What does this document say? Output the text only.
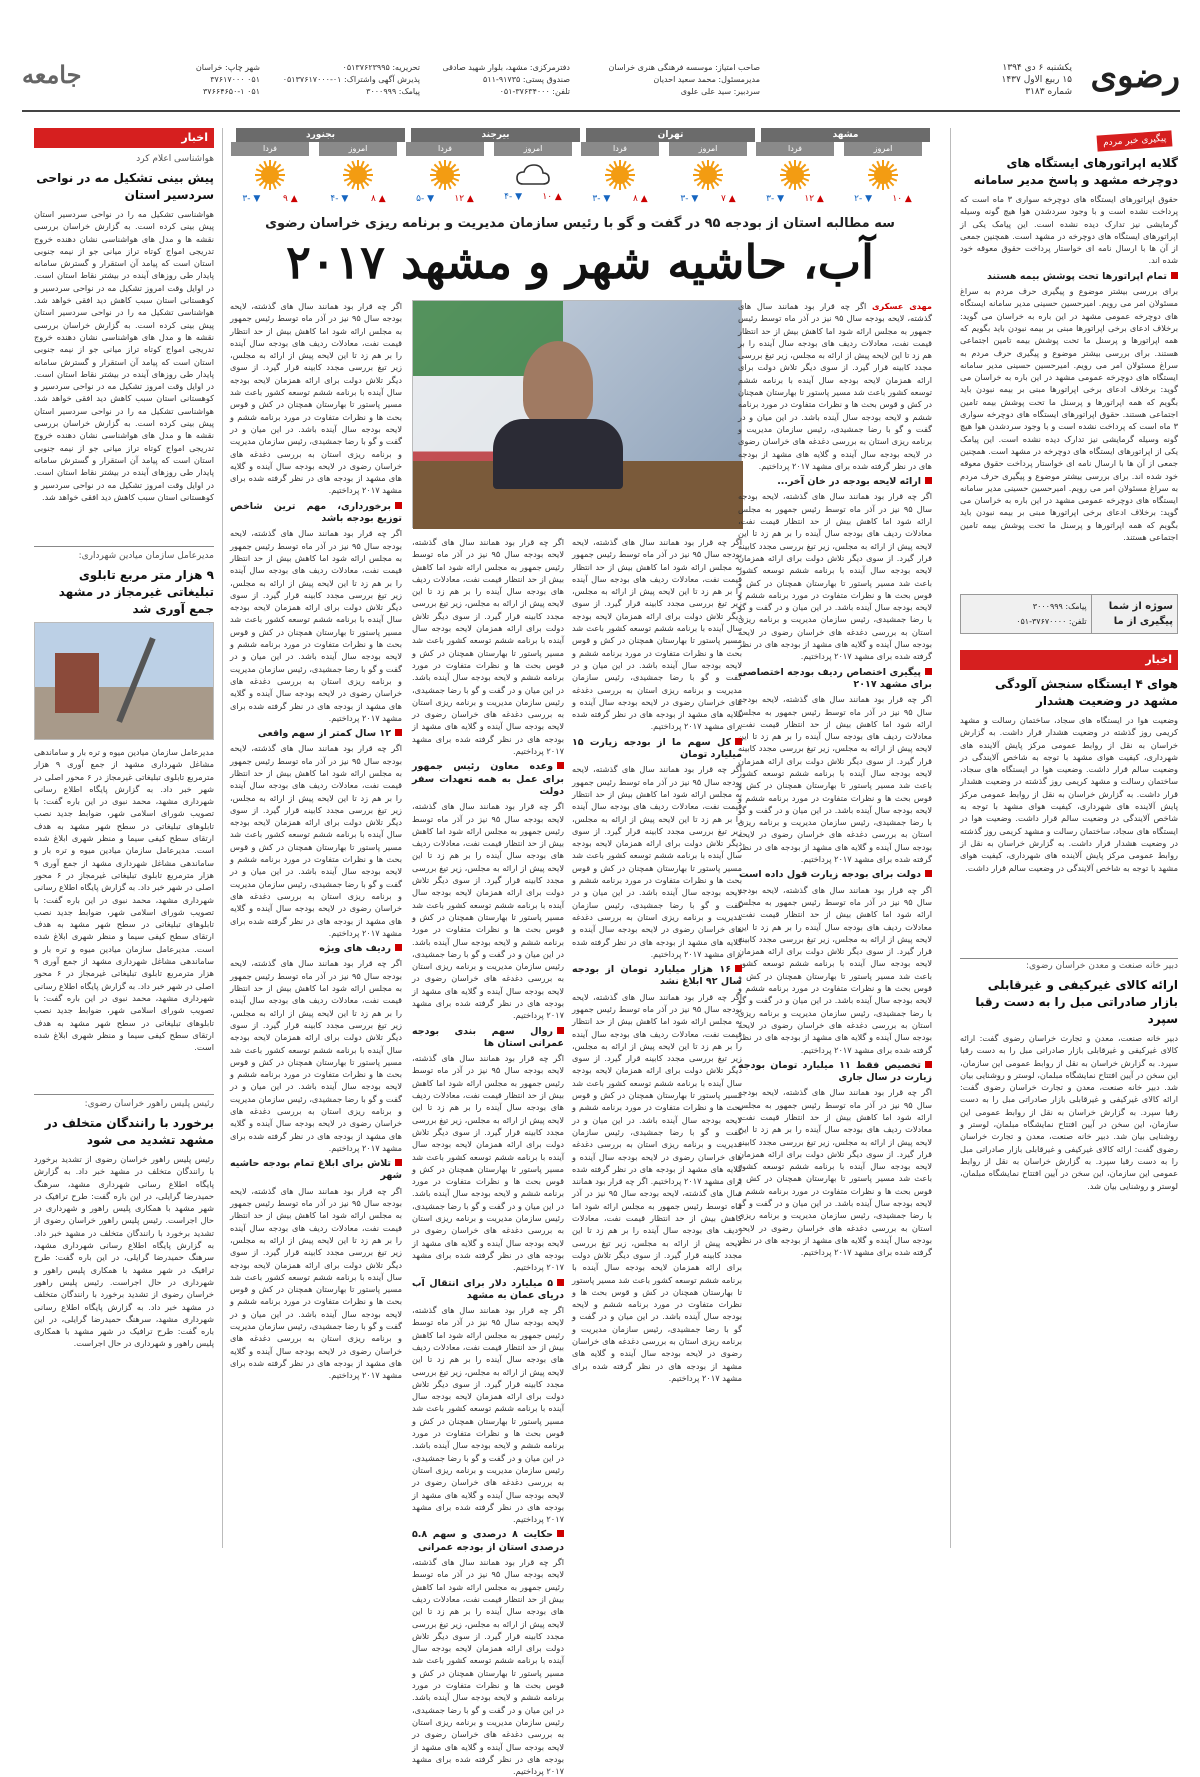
رضوی
یکشنبه ۶ دی ۱۳۹۴
۱۵ ربیع الاول ۱۴۳۷
شماره ۳۱۸۳
صاحب امتیاز: موسسه فرهنگی هنری خراسان
مدیرمسئول: محمد سعید احدیان
سردبیر: سید علی علوی
دفترمرکزی: مشهد، بلوار شهید صادقی
صندوق پستی: ۹۱۷۳۵-۵۱۱
تلفن: ۳۷۶۳۴۰۰۰-۰۵۱
تحریریه: ۰۵۱۳۷۶۲۳۹۹۵
پذیرش آگهی واشتراک: ۰۱-۰۵۱۳۷۶۱۷۰۰۰
پیامک: ۳۰۰۰۹۹۹
شهر چاپ: خراسان
۰۵۱ ۳۷۶۱۷۰۰۰
۰۵۱ ۳۷۶۶۴۶۵۰-۱
جامعه
پیگیری خبر مردم
گلایه اپراتورهای ایستگاه های دوچرخه مشهد و پاسخ مدیر سامانه
حقوق اپراتورهای ایستگاه های دوچرخه سواری ۳ ماه است که پرداخت نشده است و با وجود سردشدن هوا هیچ گونه وسیله گرمایشی نیز تدارک دیده نشده است. این پیامک یکی از اپراتورهای ایستگاه های دوچرخه در مشهد است. همچنین جمعی از آن ها با ارسال نامه ای خواستار پرداخت حقوق معوقه خود شده اند.
تمام اپراتورها تحت پوشش بیمه هستند
برای بررسی بیشتر موضوع و پیگیری حرف مردم به سراغ مسئولان امر می رویم. امیرحسین حسینی مدیر سامانه ایستگاه های دوچرخه عمومی مشهد در این باره به خراسان می گوید: برخلاف ادعای برخی اپراتورها مبنی بر بیمه نبودن باید بگویم که همه اپراتورها و پرسنل ما تحت پوشش بیمه تامین اجتماعی هستند. برای بررسی بیشتر موضوع و پیگیری حرف مردم به سراغ مسئولان امر می رویم. امیرحسین حسینی مدیر سامانه ایستگاه های دوچرخه عمومی مشهد در این باره به خراسان می گوید: برخلاف ادعای برخی اپراتورها مبنی بر بیمه نبودن باید بگویم که همه اپراتورها و پرسنل ما تحت پوشش بیمه تامین اجتماعی هستند. حقوق اپراتورهای ایستگاه های دوچرخه سواری ۳ ماه است که پرداخت نشده است و با وجود سردشدن هوا هیچ گونه وسیله گرمایشی نیز تدارک دیده نشده است. این پیامک یکی از اپراتورهای ایستگاه های دوچرخه در مشهد است. همچنین جمعی از آن ها با ارسال نامه ای خواستار پرداخت حقوق معوقه خود شده اند. برای بررسی بیشتر موضوع و پیگیری حرف مردم به سراغ مسئولان امر می رویم. امیرحسین حسینی مدیر سامانه ایستگاه های دوچرخه عمومی مشهد در این باره به خراسان می گوید: برخلاف ادعای برخی اپراتورها مبنی بر بیمه نبودن باید بگویم که همه اپراتورها و پرسنل ما تحت پوشش بیمه تامین اجتماعی هستند.
سوژه از شما
پیگیری از ما
پیامک: ۳۰۰۰۹۹۹
تلفن: ۳۷۶۷۰۰۰۰-۰۵۱
اخبار
هوای ۴ ایستگاه سنجش آلودگی مشهد در وضعیت هشدار
وضعیت هوا در ایستگاه های سجاد، ساختمان رسالت و مشهد کریمی روز گذشته در وضعیت هشدار قرار داشت. به گزارش خراسان به نقل از روابط عمومی مرکز پایش آلاینده های شهرداری، کیفیت هوای مشهد با توجه به شاخص آلایندگی در وضعیت سالم قرار داشت. وضعیت هوا در ایستگاه های سجاد، ساختمان رسالت و مشهد کریمی روز گذشته در وضعیت هشدار قرار داشت. به گزارش خراسان به نقل از روابط عمومی مرکز پایش آلاینده های شهرداری، کیفیت هوای مشهد با توجه به شاخص آلایندگی در وضعیت سالم قرار داشت. وضعیت هوا در ایستگاه های سجاد، ساختمان رسالت و مشهد کریمی روز گذشته در وضعیت هشدار قرار داشت. به گزارش خراسان به نقل از روابط عمومی مرکز پایش آلاینده های شهرداری، کیفیت هوای مشهد با توجه به شاخص آلایندگی در وضعیت سالم قرار داشت.
دبیر خانه صنعت و معدن خراسان رضوی:
ارائه کالای غیرکیفی و غیرقابلی بازار صادراتی مبل را به دست رقبا سپرد
دبیر خانه صنعت، معدن و تجارت خراسان رضوی گفت: ارائه کالای غیرکیفی و غیرقابلی بازار صادراتی مبل را به دست رقبا سپرد. به گزارش خراسان به نقل از روابط عمومی این سازمان، این سخن در آیین افتتاح نمایشگاه مبلمان، لوستر و روشنایی بیان شد. دبیر خانه صنعت، معدن و تجارت خراسان رضوی گفت: ارائه کالای غیرکیفی و غیرقابلی بازار صادراتی مبل را به دست رقبا سپرد. به گزارش خراسان به نقل از روابط عمومی این سازمان، این سخن در آیین افتتاح نمایشگاه مبلمان، لوستر و روشنایی بیان شد. دبیر خانه صنعت، معدن و تجارت خراسان رضوی گفت: ارائه کالای غیرکیفی و غیرقابلی بازار صادراتی مبل را به دست رقبا سپرد. به گزارش خراسان به نقل از روابط عمومی این سازمان، این سخن در آیین افتتاح نمایشگاه مبلمان، لوستر و روشنایی بیان شد.
مشهد
امروز
▲ ۱۰
▼ -۲
فردا
▲ ۱۲
▼ -۳
تهران
امروز
▲ ۷
▼ -۳
فردا
▲ ۸
▼ -۳
بیرجند
امروز
▲ ۱۰
▼ -۴
فردا
▲ ۱۲
▼ -۵
بجنورد
امروز
▲ ۸
▼ -۴
فردا
▲ ۹
▼ -۳
سه مطالبه استان از بودجه ۹۵ در گفت و گو با رئیس سازمان مدیریت و برنامه ریزی خراسان رضوی
آب، حاشیه شهر و مشهد ۲۰۱۷
مهدی عسکری اگر چه قرار بود همانند سال های گذشته، لایحه بودجه سال ۹۵ نیز در آذر ماه توسط رئیس جمهور به مجلس ارائه شود اما کاهش بیش از حد انتظار قیمت نفت، معادلات ردیف های بودجه سال آینده را بر هم زد تا این لایحه پیش از ارائه به مجلس، زیر تیغ بررسی مجدد کابینه قرار گیرد. از سوی دیگر تلاش دولت برای ارائه همزمان لایحه بودجه سال آینده با برنامه ششم توسعه کشور باعث شد مسیر پاستور تا بهارستان همچنان در کش و قوس بحث ها و نظرات متفاوت در مورد برنامه ششم و لایحه بودجه سال آینده باشد. در این میان و در گفت و گو با رضا جمشیدی، رئیس سازمان مدیریت و برنامه ریزی استان به بررسی دغدغه های خراسان رضوی در لایحه بودجه سال آینده و گلایه های مشهد از بودجه های در نظر گرفته شده برای مشهد ۲۰۱۷ پرداختیم.
ارائه لایحه بودجه در خان آخر...
اگر چه قرار بود همانند سال های گذشته، لایحه بودجه سال ۹۵ نیز در آذر ماه توسط رئیس جمهور به مجلس ارائه شود اما کاهش بیش از حد انتظار قیمت نفت، معادلات ردیف های بودجه سال آینده را بر هم زد تا این لایحه پیش از ارائه به مجلس، زیر تیغ بررسی مجدد کابینه قرار گیرد. از سوی دیگر تلاش دولت برای ارائه همزمان لایحه بودجه سال آینده با برنامه ششم توسعه کشور باعث شد مسیر پاستور تا بهارستان همچنان در کش و قوس بحث ها و نظرات متفاوت در مورد برنامه ششم و لایحه بودجه سال آینده باشد. در این میان و در گفت و گو با رضا جمشیدی، رئیس سازمان مدیریت و برنامه ریزی استان به بررسی دغدغه های خراسان رضوی در لایحه بودجه سال آینده و گلایه های مشهد از بودجه های در نظر گرفته شده برای مشهد ۲۰۱۷ پرداختیم.
پیگیری اختصاص ردیف بودجه اختصاصی برای مشهد ۲۰۱۷
اگر چه قرار بود همانند سال های گذشته، لایحه بودجه سال ۹۵ نیز در آذر ماه توسط رئیس جمهور به مجلس ارائه شود اما کاهش بیش از حد انتظار قیمت نفت، معادلات ردیف های بودجه سال آینده را بر هم زد تا این لایحه پیش از ارائه به مجلس، زیر تیغ بررسی مجدد کابینه قرار گیرد. از سوی دیگر تلاش دولت برای ارائه همزمان لایحه بودجه سال آینده با برنامه ششم توسعه کشور باعث شد مسیر پاستور تا بهارستان همچنان در کش و قوس بحث ها و نظرات متفاوت در مورد برنامه ششم و لایحه بودجه سال آینده باشد. در این میان و در گفت و گو با رضا جمشیدی، رئیس سازمان مدیریت و برنامه ریزی استان به بررسی دغدغه های خراسان رضوی در لایحه بودجه سال آینده و گلایه های مشهد از بودجه های در نظر گرفته شده برای مشهد ۲۰۱۷ پرداختیم.
دولت برای بودجه زیارت قول داده است
اگر چه قرار بود همانند سال های گذشته، لایحه بودجه سال ۹۵ نیز در آذر ماه توسط رئیس جمهور به مجلس ارائه شود اما کاهش بیش از حد انتظار قیمت نفت، معادلات ردیف های بودجه سال آینده را بر هم زد تا این لایحه پیش از ارائه به مجلس، زیر تیغ بررسی مجدد کابینه قرار گیرد. از سوی دیگر تلاش دولت برای ارائه همزمان لایحه بودجه سال آینده با برنامه ششم توسعه کشور باعث شد مسیر پاستور تا بهارستان همچنان در کش و قوس بحث ها و نظرات متفاوت در مورد برنامه ششم و لایحه بودجه سال آینده باشد. در این میان و در گفت و گو با رضا جمشیدی، رئیس سازمان مدیریت و برنامه ریزی استان به بررسی دغدغه های خراسان رضوی در لایحه بودجه سال آینده و گلایه های مشهد از بودجه های در نظر گرفته شده برای مشهد ۲۰۱۷ پرداختیم.
تخصیص فقط ۱۱ میلیارد تومان بودجه زیارت در سال جاری
اگر چه قرار بود همانند سال های گذشته، لایحه بودجه سال ۹۵ نیز در آذر ماه توسط رئیس جمهور به مجلس ارائه شود اما کاهش بیش از حد انتظار قیمت نفت، معادلات ردیف های بودجه سال آینده را بر هم زد تا این لایحه پیش از ارائه به مجلس، زیر تیغ بررسی مجدد کابینه قرار گیرد. از سوی دیگر تلاش دولت برای ارائه همزمان لایحه بودجه سال آینده با برنامه ششم توسعه کشور باعث شد مسیر پاستور تا بهارستان همچنان در کش و قوس بحث ها و نظرات متفاوت در مورد برنامه ششم و لایحه بودجه سال آینده باشد. در این میان و در گفت و گو با رضا جمشیدی، رئیس سازمان مدیریت و برنامه ریزی استان به بررسی دغدغه های خراسان رضوی در لایحه بودجه سال آینده و گلایه های مشهد از بودجه های در نظر گرفته شده برای مشهد ۲۰۱۷ پرداختیم.
اگر چه قرار بود همانند سال های گذشته، لایحه بودجه سال ۹۵ نیز در آذر ماه توسط رئیس جمهور به مجلس ارائه شود اما کاهش بیش از حد انتظار قیمت نفت، معادلات ردیف های بودجه سال آینده را بر هم زد تا این لایحه پیش از ارائه به مجلس، زیر تیغ بررسی مجدد کابینه قرار گیرد. از سوی دیگر تلاش دولت برای ارائه همزمان لایحه بودجه سال آینده با برنامه ششم توسعه کشور باعث شد مسیر پاستور تا بهارستان همچنان در کش و قوس بحث ها و نظرات متفاوت در مورد برنامه ششم و لایحه بودجه سال آینده باشد. در این میان و در گفت و گو با رضا جمشیدی، رئیس سازمان مدیریت و برنامه ریزی استان به بررسی دغدغه های خراسان رضوی در لایحه بودجه سال آینده و گلایه های مشهد از بودجه های در نظر گرفته شده برای مشهد ۲۰۱۷ پرداختیم.
کل سهم ما از بودجه زیارت ۱۵ میلیارد تومان
اگر چه قرار بود همانند سال های گذشته، لایحه بودجه سال ۹۵ نیز در آذر ماه توسط رئیس جمهور به مجلس ارائه شود اما کاهش بیش از حد انتظار قیمت نفت، معادلات ردیف های بودجه سال آینده را بر هم زد تا این لایحه پیش از ارائه به مجلس، زیر تیغ بررسی مجدد کابینه قرار گیرد. از سوی دیگر تلاش دولت برای ارائه همزمان لایحه بودجه سال آینده با برنامه ششم توسعه کشور باعث شد مسیر پاستور تا بهارستان همچنان در کش و قوس بحث ها و نظرات متفاوت در مورد برنامه ششم و لایحه بودجه سال آینده باشد. در این میان و در گفت و گو با رضا جمشیدی، رئیس سازمان مدیریت و برنامه ریزی استان به بررسی دغدغه های خراسان رضوی در لایحه بودجه سال آینده و گلایه های مشهد از بودجه های در نظر گرفته شده برای مشهد ۲۰۱۷ پرداختیم.
۱۶ هزار میلیارد تومان از بودجه سال ۹۲ ابلاغ نشد
اگر چه قرار بود همانند سال های گذشته، لایحه بودجه سال ۹۵ نیز در آذر ماه توسط رئیس جمهور به مجلس ارائه شود اما کاهش بیش از حد انتظار قیمت نفت، معادلات ردیف های بودجه سال آینده را بر هم زد تا این لایحه پیش از ارائه به مجلس، زیر تیغ بررسی مجدد کابینه قرار گیرد. از سوی دیگر تلاش دولت برای ارائه همزمان لایحه بودجه سال آینده با برنامه ششم توسعه کشور باعث شد مسیر پاستور تا بهارستان همچنان در کش و قوس بحث ها و نظرات متفاوت در مورد برنامه ششم و لایحه بودجه سال آینده باشد. در این میان و در گفت و گو با رضا جمشیدی، رئیس سازمان مدیریت و برنامه ریزی استان به بررسی دغدغه های خراسان رضوی در لایحه بودجه سال آینده و گلایه های مشهد از بودجه های در نظر گرفته شده برای مشهد ۲۰۱۷ پرداختیم. اگر چه قرار بود همانند سال های گذشته، لایحه بودجه سال ۹۵ نیز در آذر ماه توسط رئیس جمهور به مجلس ارائه شود اما کاهش بیش از حد انتظار قیمت نفت، معادلات ردیف های بودجه سال آینده را بر هم زد تا این لایحه پیش از ارائه به مجلس، زیر تیغ بررسی مجدد کابینه قرار گیرد. از سوی دیگر تلاش دولت برای ارائه همزمان لایحه بودجه سال آینده با برنامه ششم توسعه کشور باعث شد مسیر پاستور تا بهارستان همچنان در کش و قوس بحث ها و نظرات متفاوت در مورد برنامه ششم و لایحه بودجه سال آینده باشد. در این میان و در گفت و گو با رضا جمشیدی، رئیس سازمان مدیریت و برنامه ریزی استان به بررسی دغدغه های خراسان رضوی در لایحه بودجه سال آینده و گلایه های مشهد از بودجه های در نظر گرفته شده برای مشهد ۲۰۱۷ پرداختیم.
اگر چه قرار بود همانند سال های گذشته، لایحه بودجه سال ۹۵ نیز در آذر ماه توسط رئیس جمهور به مجلس ارائه شود اما کاهش بیش از حد انتظار قیمت نفت، معادلات ردیف های بودجه سال آینده را بر هم زد تا این لایحه پیش از ارائه به مجلس، زیر تیغ بررسی مجدد کابینه قرار گیرد. از سوی دیگر تلاش دولت برای ارائه همزمان لایحه بودجه سال آینده با برنامه ششم توسعه کشور باعث شد مسیر پاستور تا بهارستان همچنان در کش و قوس بحث ها و نظرات متفاوت در مورد برنامه ششم و لایحه بودجه سال آینده باشد. در این میان و در گفت و گو با رضا جمشیدی، رئیس سازمان مدیریت و برنامه ریزی استان به بررسی دغدغه های خراسان رضوی در لایحه بودجه سال آینده و گلایه های مشهد از بودجه های در نظر گرفته شده برای مشهد ۲۰۱۷ پرداختیم.
وعده معاون رئیس جمهور برای عمل به همه تعهدات سفر دولت
اگر چه قرار بود همانند سال های گذشته، لایحه بودجه سال ۹۵ نیز در آذر ماه توسط رئیس جمهور به مجلس ارائه شود اما کاهش بیش از حد انتظار قیمت نفت، معادلات ردیف های بودجه سال آینده را بر هم زد تا این لایحه پیش از ارائه به مجلس، زیر تیغ بررسی مجدد کابینه قرار گیرد. از سوی دیگر تلاش دولت برای ارائه همزمان لایحه بودجه سال آینده با برنامه ششم توسعه کشور باعث شد مسیر پاستور تا بهارستان همچنان در کش و قوس بحث ها و نظرات متفاوت در مورد برنامه ششم و لایحه بودجه سال آینده باشد. در این میان و در گفت و گو با رضا جمشیدی، رئیس سازمان مدیریت و برنامه ریزی استان به بررسی دغدغه های خراسان رضوی در لایحه بودجه سال آینده و گلایه های مشهد از بودجه های در نظر گرفته شده برای مشهد ۲۰۱۷ پرداختیم.
روال سهم بندی بودجه عمرانی استان ها
اگر چه قرار بود همانند سال های گذشته، لایحه بودجه سال ۹۵ نیز در آذر ماه توسط رئیس جمهور به مجلس ارائه شود اما کاهش بیش از حد انتظار قیمت نفت، معادلات ردیف های بودجه سال آینده را بر هم زد تا این لایحه پیش از ارائه به مجلس، زیر تیغ بررسی مجدد کابینه قرار گیرد. از سوی دیگر تلاش دولت برای ارائه همزمان لایحه بودجه سال آینده با برنامه ششم توسعه کشور باعث شد مسیر پاستور تا بهارستان همچنان در کش و قوس بحث ها و نظرات متفاوت در مورد برنامه ششم و لایحه بودجه سال آینده باشد. در این میان و در گفت و گو با رضا جمشیدی، رئیس سازمان مدیریت و برنامه ریزی استان به بررسی دغدغه های خراسان رضوی در لایحه بودجه سال آینده و گلایه های مشهد از بودجه های در نظر گرفته شده برای مشهد ۲۰۱۷ پرداختیم.
۵ میلیارد دلار برای انتقال آب دریای عمان به مشهد
اگر چه قرار بود همانند سال های گذشته، لایحه بودجه سال ۹۵ نیز در آذر ماه توسط رئیس جمهور به مجلس ارائه شود اما کاهش بیش از حد انتظار قیمت نفت، معادلات ردیف های بودجه سال آینده را بر هم زد تا این لایحه پیش از ارائه به مجلس، زیر تیغ بررسی مجدد کابینه قرار گیرد. از سوی دیگر تلاش دولت برای ارائه همزمان لایحه بودجه سال آینده با برنامه ششم توسعه کشور باعث شد مسیر پاستور تا بهارستان همچنان در کش و قوس بحث ها و نظرات متفاوت در مورد برنامه ششم و لایحه بودجه سال آینده باشد. در این میان و در گفت و گو با رضا جمشیدی، رئیس سازمان مدیریت و برنامه ریزی استان به بررسی دغدغه های خراسان رضوی در لایحه بودجه سال آینده و گلایه های مشهد از بودجه های در نظر گرفته شده برای مشهد ۲۰۱۷ پرداختیم.
حکایت ۸ درصدی و سهم ۵.۸ درصدی استان از بودجه عمرانی
اگر چه قرار بود همانند سال های گذشته، لایحه بودجه سال ۹۵ نیز در آذر ماه توسط رئیس جمهور به مجلس ارائه شود اما کاهش بیش از حد انتظار قیمت نفت، معادلات ردیف های بودجه سال آینده را بر هم زد تا این لایحه پیش از ارائه به مجلس، زیر تیغ بررسی مجدد کابینه قرار گیرد. از سوی دیگر تلاش دولت برای ارائه همزمان لایحه بودجه سال آینده با برنامه ششم توسعه کشور باعث شد مسیر پاستور تا بهارستان همچنان در کش و قوس بحث ها و نظرات متفاوت در مورد برنامه ششم و لایحه بودجه سال آینده باشد. در این میان و در گفت و گو با رضا جمشیدی، رئیس سازمان مدیریت و برنامه ریزی استان به بررسی دغدغه های خراسان رضوی در لایحه بودجه سال آینده و گلایه های مشهد از بودجه های در نظر گرفته شده برای مشهد ۲۰۱۷ پرداختیم.
اگر چه قرار بود همانند سال های گذشته، لایحه بودجه سال ۹۵ نیز در آذر ماه توسط رئیس جمهور به مجلس ارائه شود اما کاهش بیش از حد انتظار قیمت نفت، معادلات ردیف های بودجه سال آینده را بر هم زد تا این لایحه پیش از ارائه به مجلس، زیر تیغ بررسی مجدد کابینه قرار گیرد. از سوی دیگر تلاش دولت برای ارائه همزمان لایحه بودجه سال آینده با برنامه ششم توسعه کشور باعث شد مسیر پاستور تا بهارستان همچنان در کش و قوس بحث ها و نظرات متفاوت در مورد برنامه ششم و لایحه بودجه سال آینده باشد. در این میان و در گفت و گو با رضا جمشیدی، رئیس سازمان مدیریت و برنامه ریزی استان به بررسی دغدغه های خراسان رضوی در لایحه بودجه سال آینده و گلایه های مشهد از بودجه های در نظر گرفته شده برای مشهد ۲۰۱۷ پرداختیم.
برخورداری، مهم ترین شاخص توزیع بودجه باشد
اگر چه قرار بود همانند سال های گذشته، لایحه بودجه سال ۹۵ نیز در آذر ماه توسط رئیس جمهور به مجلس ارائه شود اما کاهش بیش از حد انتظار قیمت نفت، معادلات ردیف های بودجه سال آینده را بر هم زد تا این لایحه پیش از ارائه به مجلس، زیر تیغ بررسی مجدد کابینه قرار گیرد. از سوی دیگر تلاش دولت برای ارائه همزمان لایحه بودجه سال آینده با برنامه ششم توسعه کشور باعث شد مسیر پاستور تا بهارستان همچنان در کش و قوس بحث ها و نظرات متفاوت در مورد برنامه ششم و لایحه بودجه سال آینده باشد. در این میان و در گفت و گو با رضا جمشیدی، رئیس سازمان مدیریت و برنامه ریزی استان به بررسی دغدغه های خراسان رضوی در لایحه بودجه سال آینده و گلایه های مشهد از بودجه های در نظر گرفته شده برای مشهد ۲۰۱۷ پرداختیم.
۱۲ سال کمتر از سهم واقعی
اگر چه قرار بود همانند سال های گذشته، لایحه بودجه سال ۹۵ نیز در آذر ماه توسط رئیس جمهور به مجلس ارائه شود اما کاهش بیش از حد انتظار قیمت نفت، معادلات ردیف های بودجه سال آینده را بر هم زد تا این لایحه پیش از ارائه به مجلس، زیر تیغ بررسی مجدد کابینه قرار گیرد. از سوی دیگر تلاش دولت برای ارائه همزمان لایحه بودجه سال آینده با برنامه ششم توسعه کشور باعث شد مسیر پاستور تا بهارستان همچنان در کش و قوس بحث ها و نظرات متفاوت در مورد برنامه ششم و لایحه بودجه سال آینده باشد. در این میان و در گفت و گو با رضا جمشیدی، رئیس سازمان مدیریت و برنامه ریزی استان به بررسی دغدغه های خراسان رضوی در لایحه بودجه سال آینده و گلایه های مشهد از بودجه های در نظر گرفته شده برای مشهد ۲۰۱۷ پرداختیم.
ردیف های ویژه
اگر چه قرار بود همانند سال های گذشته، لایحه بودجه سال ۹۵ نیز در آذر ماه توسط رئیس جمهور به مجلس ارائه شود اما کاهش بیش از حد انتظار قیمت نفت، معادلات ردیف های بودجه سال آینده را بر هم زد تا این لایحه پیش از ارائه به مجلس، زیر تیغ بررسی مجدد کابینه قرار گیرد. از سوی دیگر تلاش دولت برای ارائه همزمان لایحه بودجه سال آینده با برنامه ششم توسعه کشور باعث شد مسیر پاستور تا بهارستان همچنان در کش و قوس بحث ها و نظرات متفاوت در مورد برنامه ششم و لایحه بودجه سال آینده باشد. در این میان و در گفت و گو با رضا جمشیدی، رئیس سازمان مدیریت و برنامه ریزی استان به بررسی دغدغه های خراسان رضوی در لایحه بودجه سال آینده و گلایه های مشهد از بودجه های در نظر گرفته شده برای مشهد ۲۰۱۷ پرداختیم.
تلاش برای ابلاغ تمام بودجه حاشیه شهر
اگر چه قرار بود همانند سال های گذشته، لایحه بودجه سال ۹۵ نیز در آذر ماه توسط رئیس جمهور به مجلس ارائه شود اما کاهش بیش از حد انتظار قیمت نفت، معادلات ردیف های بودجه سال آینده را بر هم زد تا این لایحه پیش از ارائه به مجلس، زیر تیغ بررسی مجدد کابینه قرار گیرد. از سوی دیگر تلاش دولت برای ارائه همزمان لایحه بودجه سال آینده با برنامه ششم توسعه کشور باعث شد مسیر پاستور تا بهارستان همچنان در کش و قوس بحث ها و نظرات متفاوت در مورد برنامه ششم و لایحه بودجه سال آینده باشد. در این میان و در گفت و گو با رضا جمشیدی، رئیس سازمان مدیریت و برنامه ریزی استان به بررسی دغدغه های خراسان رضوی در لایحه بودجه سال آینده و گلایه های مشهد از بودجه های در نظر گرفته شده برای مشهد ۲۰۱۷ پرداختیم.
اخبار
هواشناسی اعلام کرد
پیش بینی تشکیل مه در نواحی سردسیر استان
هواشناسی تشکیل مه را در نواحی سردسیر استان پیش بینی کرده است. به گزارش خراسان بررسی نقشه ها و مدل های هواشناسی نشان دهنده خروج تدریجی امواج کوتاه تراز میانی جو از نیمه جنوبی استان است که پیامد آن استقرار و گسترش سامانه پایدار طی روزهای آینده در بیشتر نقاط استان است. در اوایل وقت امروز تشکیل مه در نواحی سردسیر و کوهستانی استان سبب کاهش دید افقی خواهد شد. هواشناسی تشکیل مه را در نواحی سردسیر استان پیش بینی کرده است. به گزارش خراسان بررسی نقشه ها و مدل های هواشناسی نشان دهنده خروج تدریجی امواج کوتاه تراز میانی جو از نیمه جنوبی استان است که پیامد آن استقرار و گسترش سامانه پایدار طی روزهای آینده در بیشتر نقاط استان است. در اوایل وقت امروز تشکیل مه در نواحی سردسیر و کوهستانی استان سبب کاهش دید افقی خواهد شد. هواشناسی تشکیل مه را در نواحی سردسیر استان پیش بینی کرده است. به گزارش خراسان بررسی نقشه ها و مدل های هواشناسی نشان دهنده خروج تدریجی امواج کوتاه تراز میانی جو از نیمه جنوبی استان است که پیامد آن استقرار و گسترش سامانه پایدار طی روزهای آینده در بیشتر نقاط استان است. در اوایل وقت امروز تشکیل مه در نواحی سردسیر و کوهستانی استان سبب کاهش دید افقی خواهد شد.
مدیرعامل سازمان میادین شهرداری:
۹ هزار متر مربع تابلوی تبلیغاتی غیرمجاز در مشهد جمع آوری شد
مدیرعامل سازمان میادین میوه و تره بار و ساماندهی مشاغل شهرداری مشهد از جمع آوری ۹ هزار مترمربع تابلوی تبلیغاتی غیرمجاز در ۶ محور اصلی در شهر خبر داد. به گزارش پایگاه اطلاع رسانی شهرداری مشهد، محمد نبوی در این باره گفت: با تصویب شورای اسلامی شهر، ضوابط جدید نصب تابلوهای تبلیغاتی در سطح شهر مشهد به هدف ارتقای سطح کیفی سیما و منظر شهری ابلاغ شده است. مدیرعامل سازمان میادین میوه و تره بار و ساماندهی مشاغل شهرداری مشهد از جمع آوری ۹ هزار مترمربع تابلوی تبلیغاتی غیرمجاز در ۶ محور اصلی در شهر خبر داد. به گزارش پایگاه اطلاع رسانی شهرداری مشهد، محمد نبوی در این باره گفت: با تصویب شورای اسلامی شهر، ضوابط جدید نصب تابلوهای تبلیغاتی در سطح شهر مشهد به هدف ارتقای سطح کیفی سیما و منظر شهری ابلاغ شده است. مدیرعامل سازمان میادین میوه و تره بار و ساماندهی مشاغل شهرداری مشهد از جمع آوری ۹ هزار مترمربع تابلوی تبلیغاتی غیرمجاز در ۶ محور اصلی در شهر خبر داد. به گزارش پایگاه اطلاع رسانی شهرداری مشهد، محمد نبوی در این باره گفت: با تصویب شورای اسلامی شهر، ضوابط جدید نصب تابلوهای تبلیغاتی در سطح شهر مشهد به هدف ارتقای سطح کیفی سیما و منظر شهری ابلاغ شده است.
رئیس پلیس راهور خراسان رضوی:
برخورد با رانندگان متخلف در مشهد تشدید می شود
رئیس پلیس راهور خراسان رضوی از تشدید برخورد با رانندگان متخلف در مشهد خبر داد. به گزارش پایگاه اطلاع رسانی شهرداری مشهد، سرهنگ حمیدرضا گرایلی، در این باره گفت: طرح ترافیک در شهر مشهد با همکاری پلیس راهور و شهرداری در حال اجراست. رئیس پلیس راهور خراسان رضوی از تشدید برخورد با رانندگان متخلف در مشهد خبر داد. به گزارش پایگاه اطلاع رسانی شهرداری مشهد، سرهنگ حمیدرضا گرایلی، در این باره گفت: طرح ترافیک در شهر مشهد با همکاری پلیس راهور و شهرداری در حال اجراست. رئیس پلیس راهور خراسان رضوی از تشدید برخورد با رانندگان متخلف در مشهد خبر داد. به گزارش پایگاه اطلاع رسانی شهرداری مشهد، سرهنگ حمیدرضا گرایلی، در این باره گفت: طرح ترافیک در شهر مشهد با همکاری پلیس راهور و شهرداری در حال اجراست.
